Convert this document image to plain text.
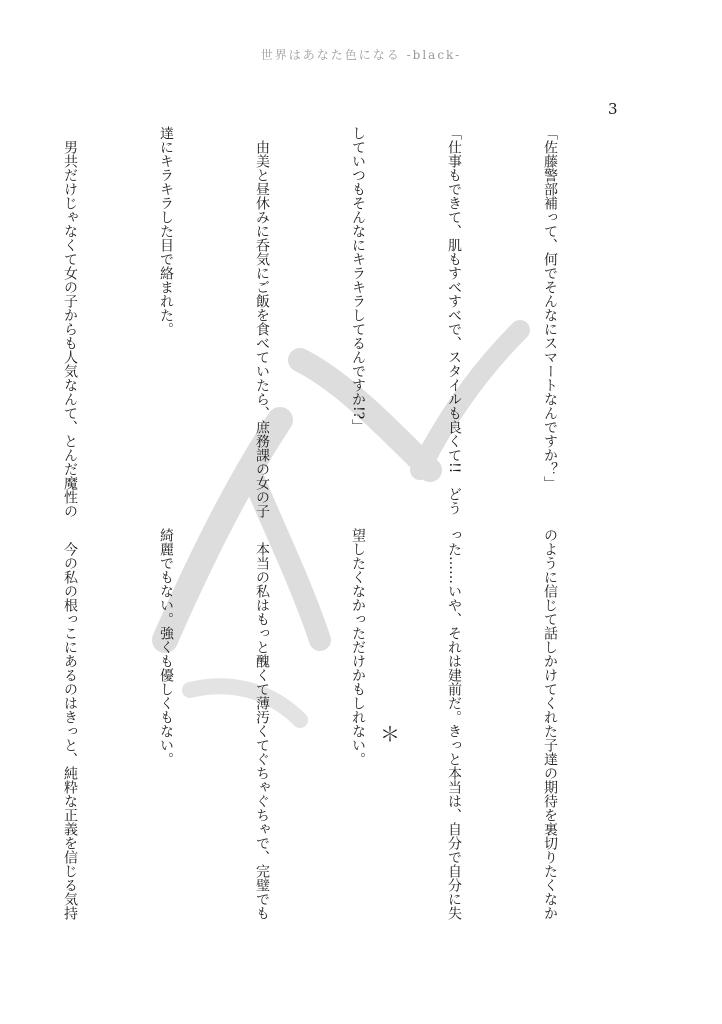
世界はあなた色になる -black-
3

「佐藤警部補って、何でそんなにスマートなんですか？」

「仕事もできて、肌もすべすべで、スタイルも良くて!!　どう

していつもそんなにキラキラしてるんですか!?」

　由美と昼休みに呑気にご飯を食べていたら、庶務課の女の子

達にキラキラした目で絡まれた。

　男共だけじゃなくて女の子からも人気なんて、とんだ魔性の

のように信じて話しかけてくれた子達の期待を裏切りたくなか

った……いや、それは建前だ。きっと本当は、自分で自分に失

望したくなかっただけかもしれない。

　本当の私はもっと醜くて薄汚くてぐちゃぐちゃで、完璧でも

綺麗でもない。強くも優しくもない。

　今の私の根っこにあるのはきっと、純粋な正義を信じる気持

	＊
